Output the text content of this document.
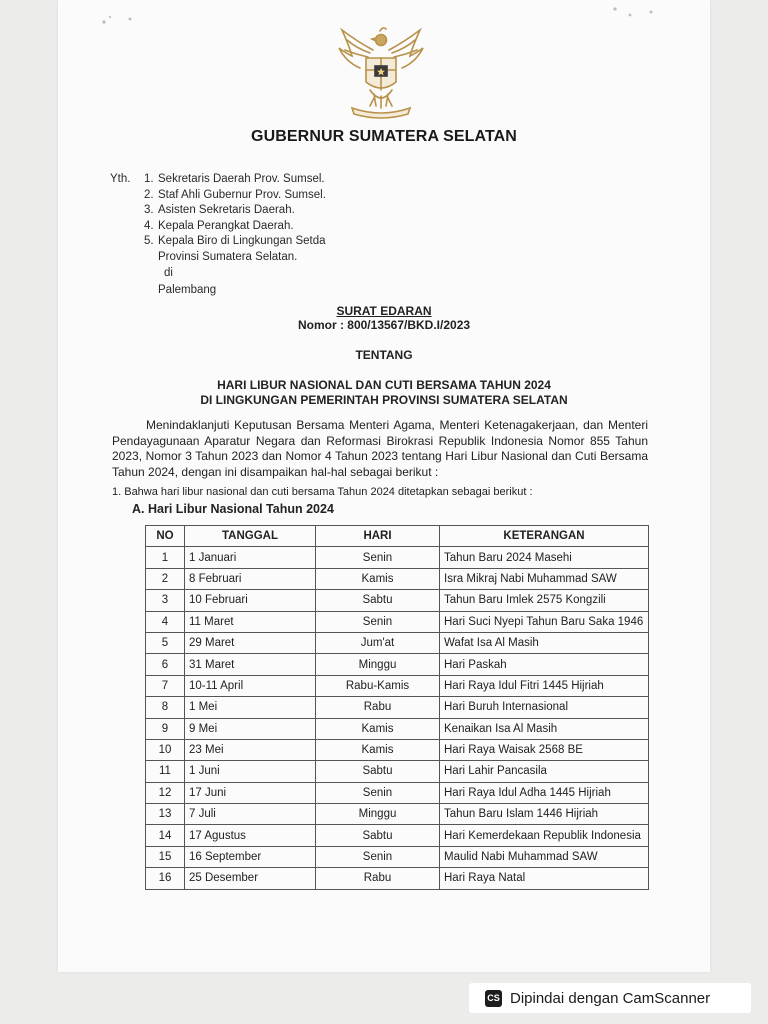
GUBERNUR SUMATERA SELATAN
Yth. 1. Sekretaris Daerah Prov. Sumsel.
2. Staf Ahli Gubernur Prov. Sumsel.
3. Asisten Sekretaris Daerah.
4. Kepala Perangkat Daerah.
5. Kepala Biro di Lingkungan Setda
Provinsi Sumatera Selatan.
di
Palembang
SURAT EDARAN
Nomor : 800/13567/BKD.I/2023
TENTANG
HARI LIBUR NASIONAL DAN CUTI BERSAMA TAHUN 2024
DI LINGKUNGAN PEMERINTAH PROVINSI SUMATERA SELATAN
Menindaklanjuti Keputusan Bersama Menteri Agama, Menteri Ketenagakerjaan, dan Menteri Pendayagunaan Aparatur Negara dan Reformasi Birokrasi Republik Indonesia Nomor 855 Tahun 2023, Nomor 3 Tahun 2023 dan Nomor 4 Tahun 2023 tentang Hari Libur Nasional dan Cuti Bersama Tahun 2024, dengan ini disampaikan hal-hal sebagai berikut :
1. Bahwa hari libur nasional dan cuti bersama Tahun 2024 ditetapkan sebagai berikut :
A. Hari Libur Nasional Tahun 2024
NO	TANGGAL	HARI	KETERANGAN
1	1 Januari	Senin	Tahun Baru 2024 Masehi
2	8 Februari	Kamis	Isra Mikraj Nabi Muhammad SAW
3	10 Februari	Sabtu	Tahun Baru Imlek 2575 Kongzili
4	11 Maret	Senin	Hari Suci Nyepi Tahun Baru Saka 1946
5	29 Maret	Jum'at	Wafat Isa Al Masih
6	31 Maret	Minggu	Hari Paskah
7	10-11 April	Rabu-Kamis	Hari Raya Idul Fitri 1445 Hijriah
8	1 Mei	Rabu	Hari Buruh Internasional
9	9 Mei	Kamis	Kenaikan Isa Al Masih
10	23 Mei	Kamis	Hari Raya Waisak 2568 BE
11	1 Juni	Sabtu	Hari Lahir Pancasila
12	17 Juni	Senin	Hari Raya Idul Adha 1445 Hijriah
13	7 Juli	Minggu	Tahun Baru Islam 1446 Hijriah
14	17 Agustus	Sabtu	Hari Kemerdekaan Republik Indonesia
15	16 September	Senin	Maulid Nabi Muhammad SAW
16	25 Desember	Rabu	Hari Raya Natal
CS Dipindai dengan CamScanner
